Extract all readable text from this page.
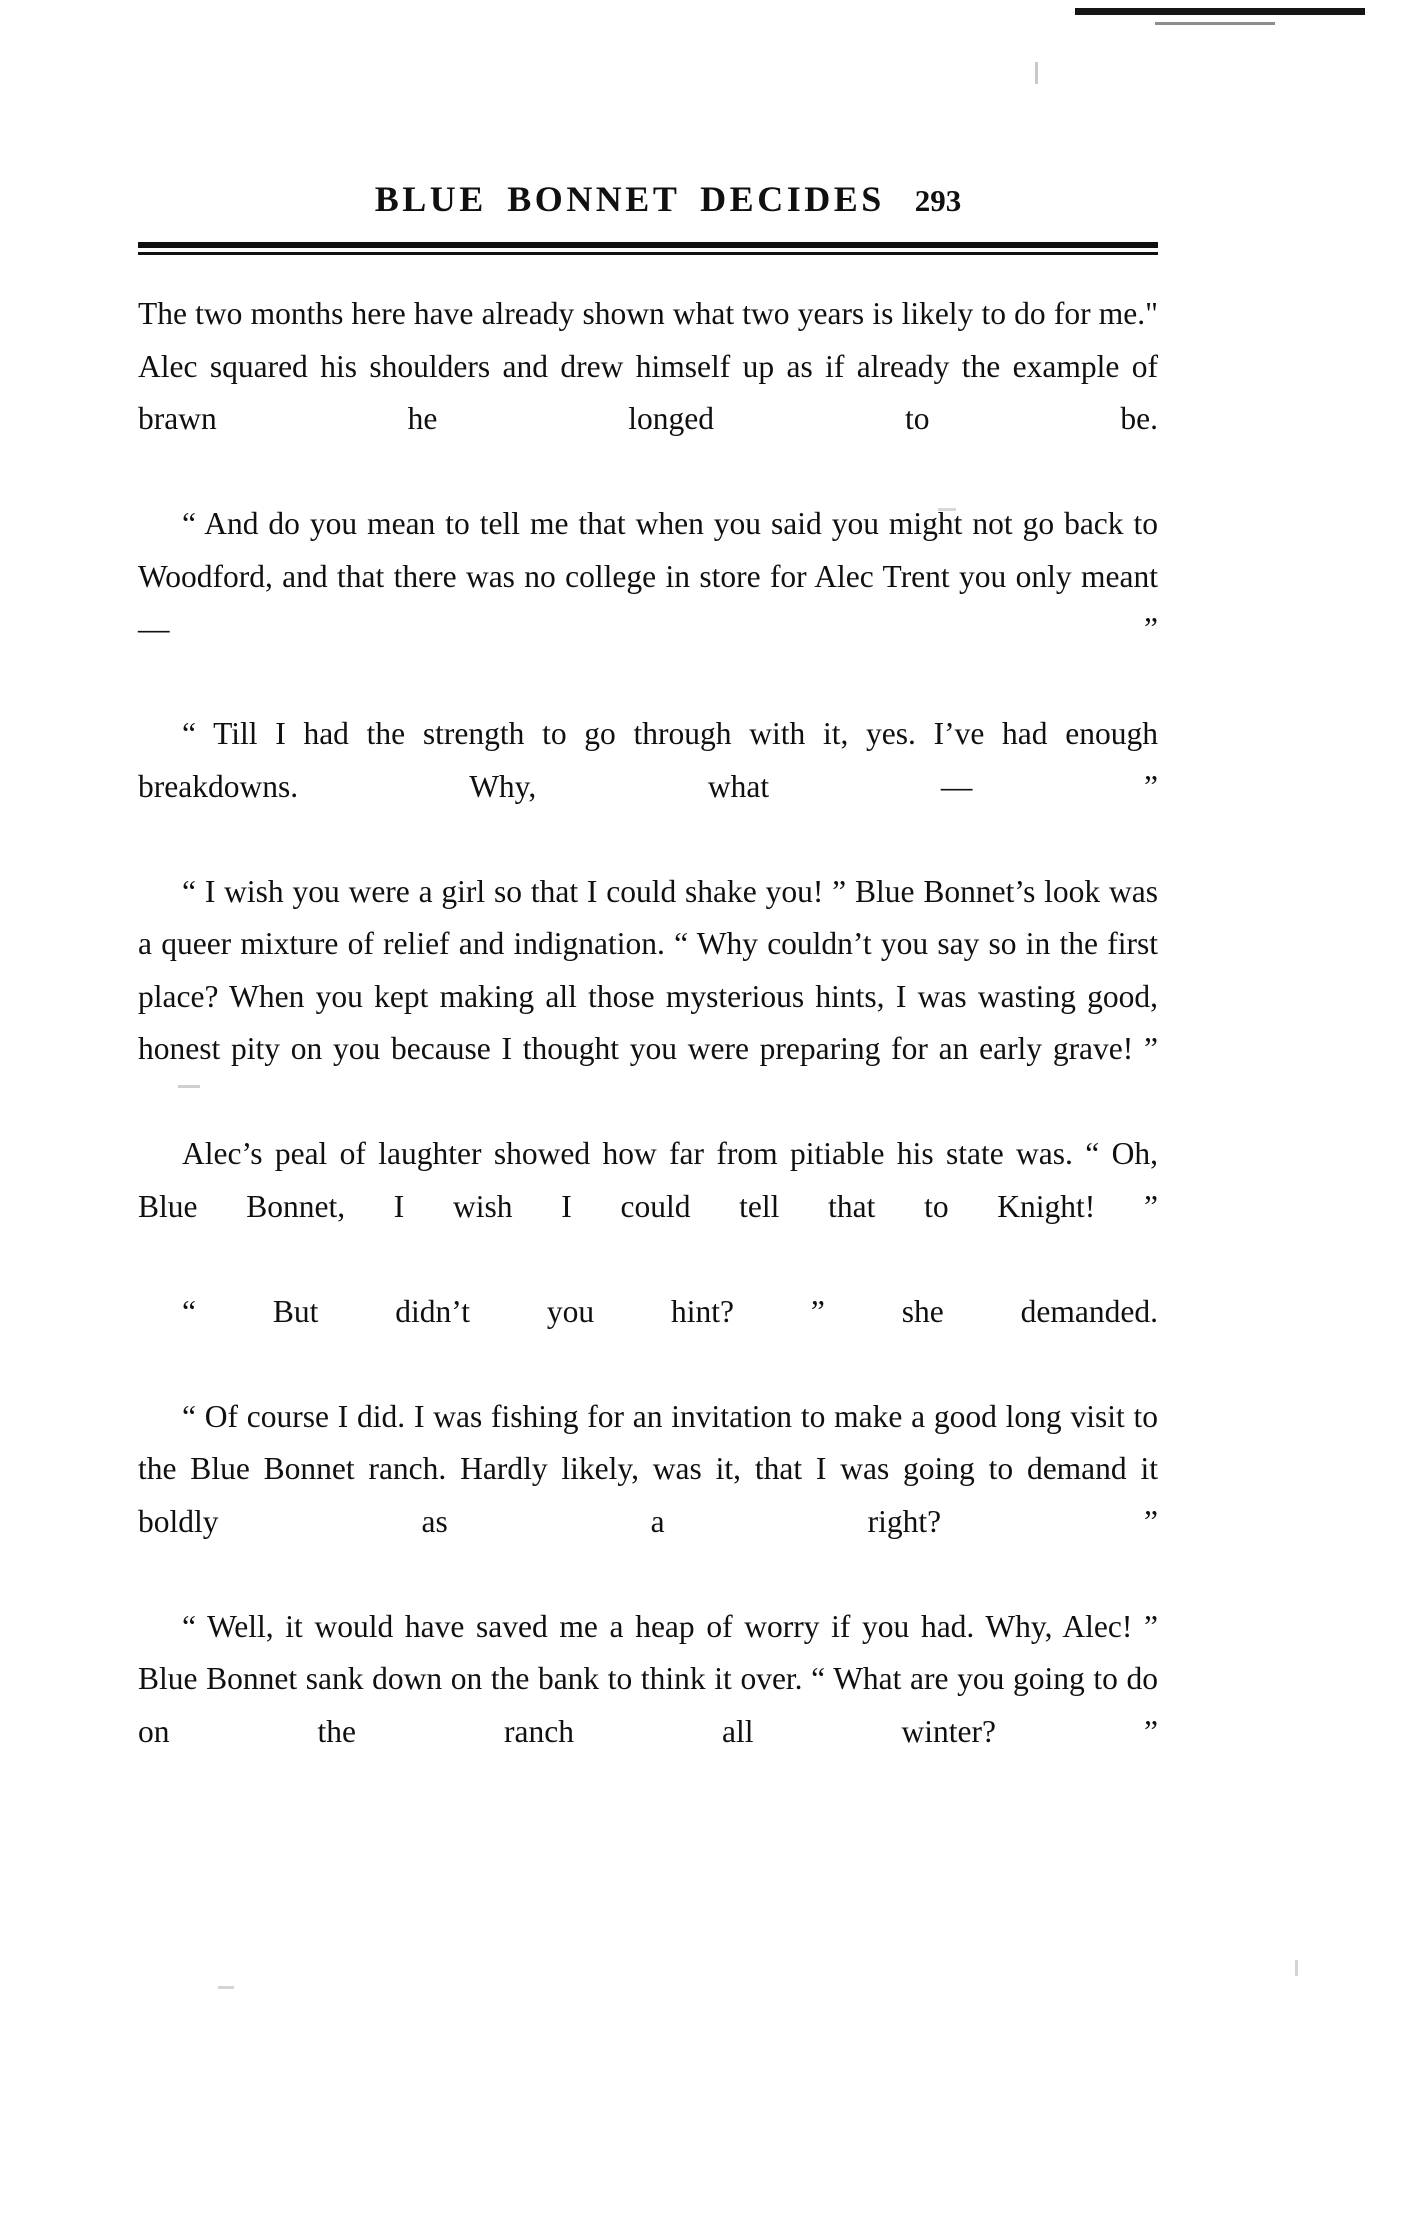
BLUE BONNET DECIDES 293

The two months here have already shown what two years is likely to do for me." Alec squared his shoulders and drew himself up as if already the example of brawn he longed to be.

“ And do you mean to tell me that when you said you might not go back to Woodford, and that there was no college in store for Alec Trent you only meant — ”

“ Till I had the strength to go through with it, yes. I’ve had enough breakdowns. Why, what — ”

“ I wish you were a girl so that I could shake you! ” Blue Bonnet’s look was a queer mixture of relief and indignation. “ Why couldn’t you say so in the first place? When you kept making all those mysterious hints, I was wasting good, honest pity on you because I thought you were preparing for an early grave! ”

Alec’s peal of laughter showed how far from pitiable his state was. “ Oh, Blue Bonnet, I wish I could tell that to Knight! ”

“ But didn’t you hint? ” she demanded.

“ Of course I did. I was fishing for an invitation to make a good long visit to the Blue Bonnet ranch. Hardly likely, was it, that I was going to demand it boldly as a right? ”

“ Well, it would have saved me a heap of worry if you had. Why, Alec! ” Blue Bonnet sank down on the bank to think it over. “ What are you going to do on the ranch all winter? ”
